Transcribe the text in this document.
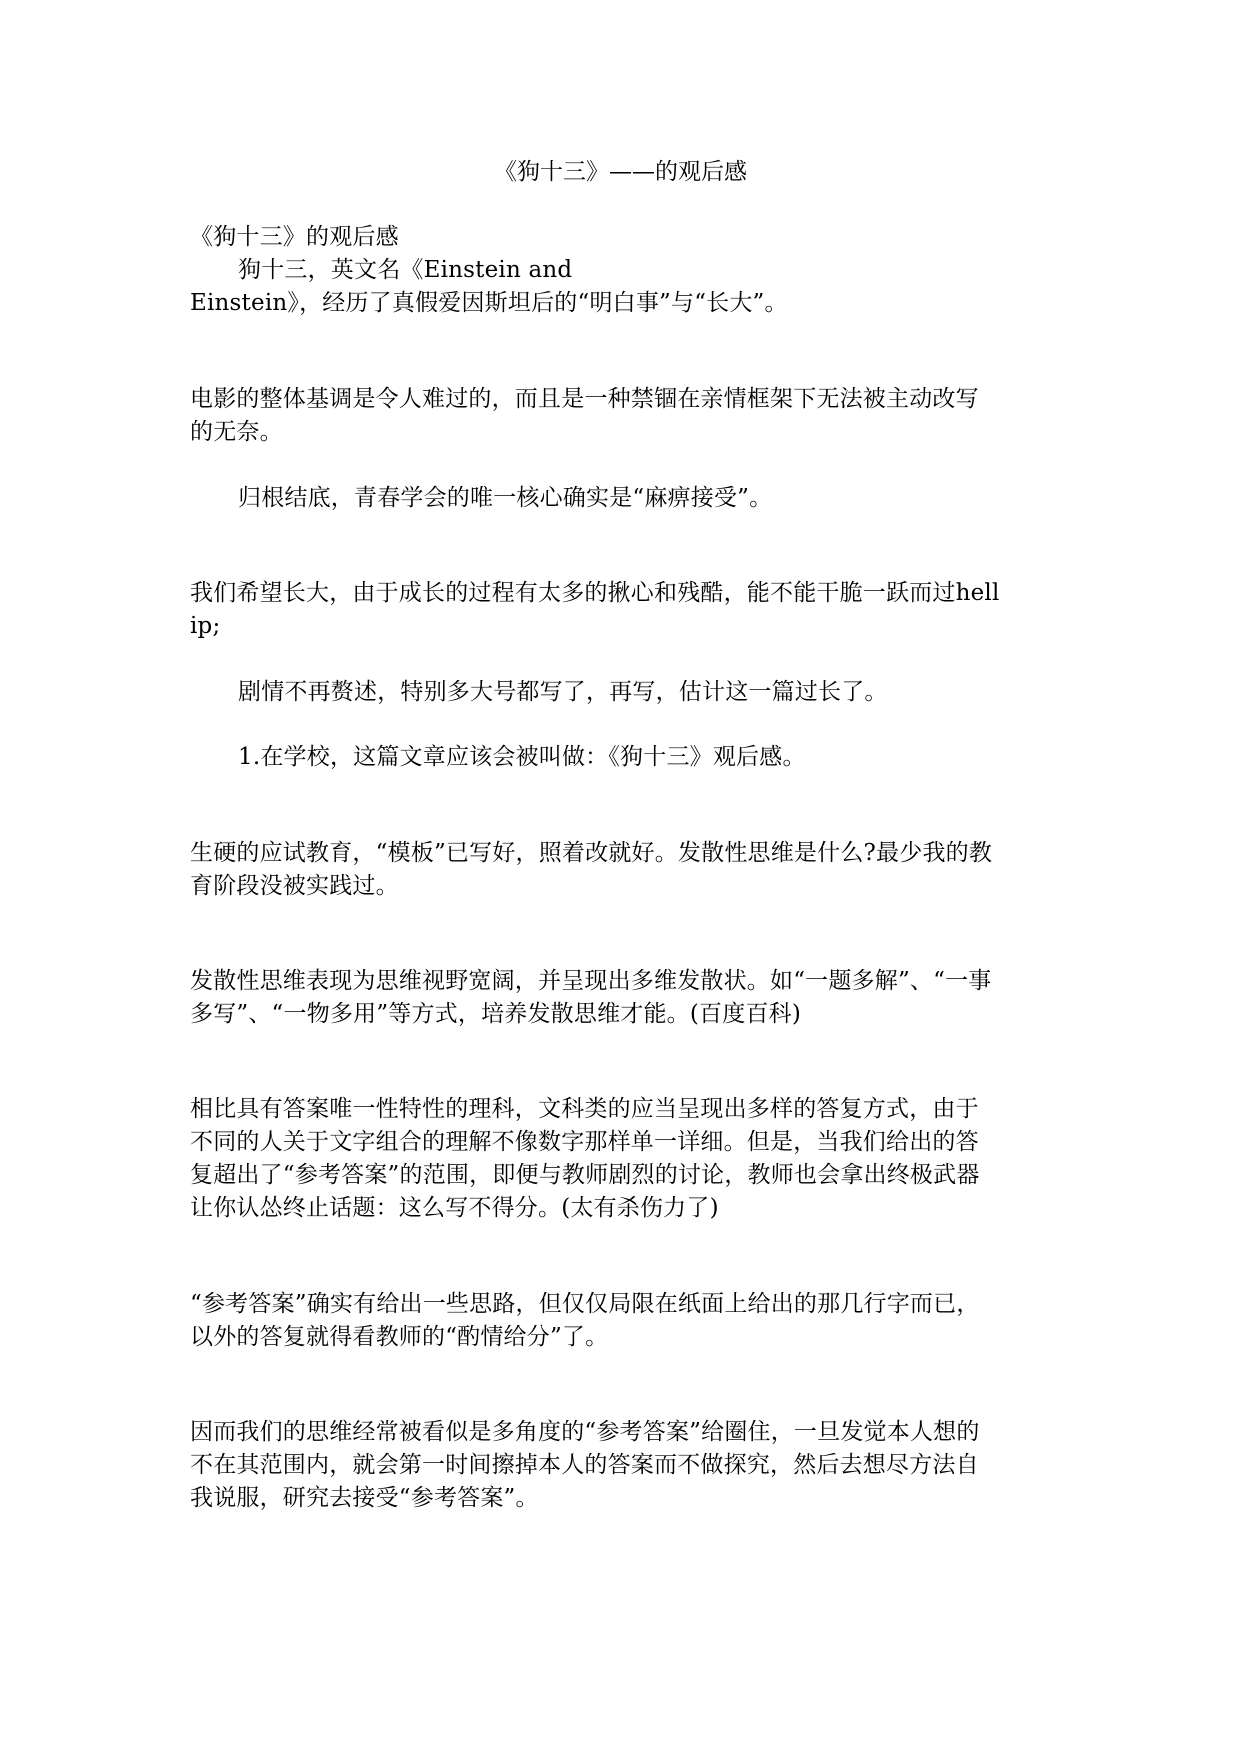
《狗十三》——的观后感
《狗十三》的观后感
狗十三，英文名《Einstein and
Einstein》，经历了真假爱因斯坦后的“明白事”与“长大”。
电影的整体基调是令人难过的，而且是一种禁锢在亲情框架下无法被主动改写
的无奈。
归根结底，青春学会的唯一核心确实是“麻痹接受”。
我们希望长大，由于成长的过程有太多的揪心和残酷，能不能干脆一跃而过hell
ip;
剧情不再赘述，特别多大号都写了，再写，估计这一篇过长了。
1.在学校，这篇文章应该会被叫做：《狗十三》观后感。
生硬的应试教育，“模板”已写好，照着改就好。发散性思维是什么?最少我的教
育阶段没被实践过。
发散性思维表现为思维视野宽阔，并呈现出多维发散状。如“一题多解”、“一事
多写”、“一物多用”等方式，培养发散思维才能。(百度百科)
相比具有答案唯一性特性的理科，文科类的应当呈现出多样的答复方式，由于
不同的人关于文字组合的理解不像数字那样单一详细。但是，当我们给出的答
复超出了“参考答案”的范围，即便与教师剧烈的讨论，教师也会拿出终极武器
让你认怂终止话题：这么写不得分。(太有杀伤力了)
“参考答案”确实有给出一些思路，但仅仅局限在纸面上给出的那几行字而已，
以外的答复就得看教师的“酌情给分”了。
因而我们的思维经常被看似是多角度的“参考答案”给圈住，一旦发觉本人想的
不在其范围内，就会第一时间擦掉本人的答案而不做探究，然后去想尽方法自
我说服，研究去接受“参考答案”。
